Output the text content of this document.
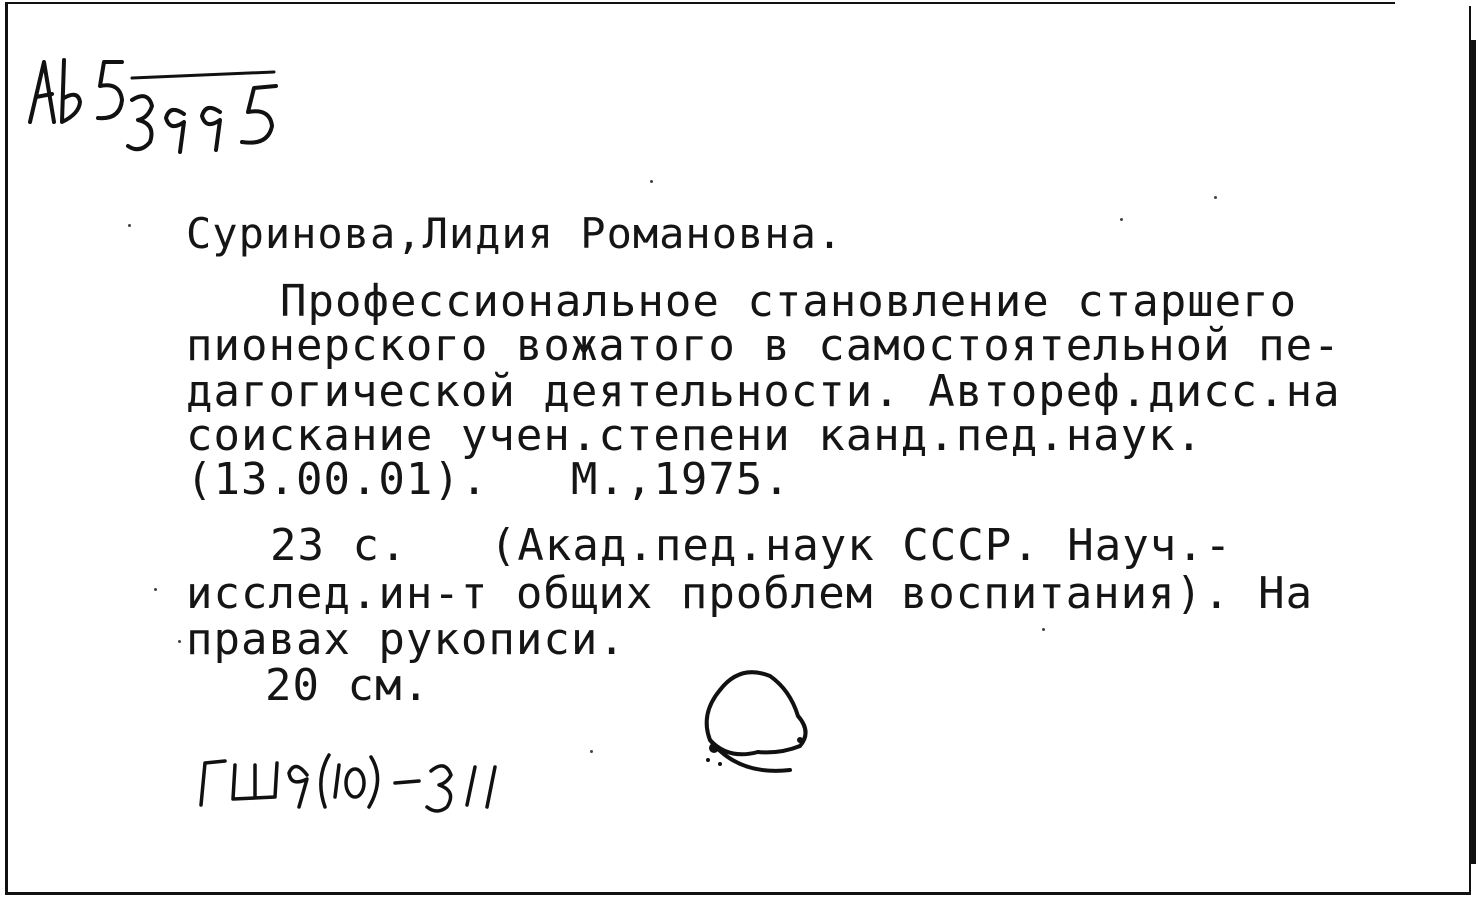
Суринова,Лидия Романовна.
Профессиональное становление старшего
пионерского вожатого в самостоятельной пе-
дагогической деятельности. Автореф.дисс.на
соискание учен.степени канд.пед.наук.
(13.00.01).   М.,1975.
23 с.   (Акад.пед.наук СССР. Науч.-
исслед.ин-т общих проблем воспитания). На
правах рукописи.
20 см.
